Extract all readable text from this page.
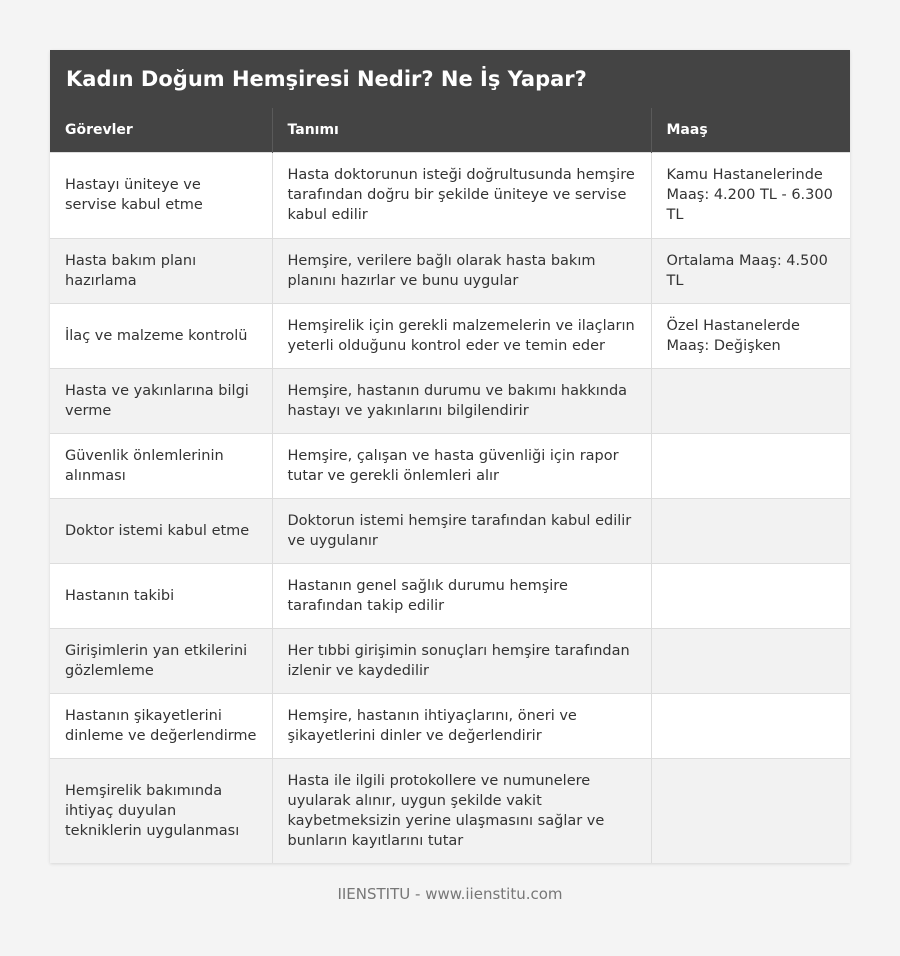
Kadın Doğum Hemşiresi Nedir? Ne İş Yapar?
Görevler	Tanımı	Maaş
Hastayı üniteye ve servise kabul etme	Hasta doktorunun isteği doğrultusunda hemşire tarafından doğru bir şekilde üniteye ve servise kabul edilir	Kamu Hastanelerinde Maaş: 4.200 TL - 6.300 TL
Hasta bakım planı hazırlama	Hemşire, verilere bağlı olarak hasta bakım planını hazırlar ve bunu uygular	Ortalama Maaş: 4.500 TL
İlaç ve malzeme kontrolü	Hemşirelik için gerekli malzemelerin ve ilaçların yeterli olduğunu kontrol eder ve temin eder	Özel Hastanelerde Maaş: Değişken
Hasta ve yakınlarına bilgi verme	Hemşire, hastanın durumu ve bakımı hakkında hastayı ve yakınlarını bilgilendirir	
Güvenlik önlemlerinin alınması	Hemşire, çalışan ve hasta güvenliği için rapor tutar ve gerekli önlemleri alır	
Doktor istemi kabul etme	Doktorun istemi hemşire tarafından kabul edilir ve uygulanır	
Hastanın takibi	Hastanın genel sağlık durumu hemşire tarafından takip edilir	
Girişimlerin yan etkilerini gözlemleme	Her tıbbi girişimin sonuçları hemşire tarafından izlenir ve kaydedilir	
Hastanın şikayetlerini dinleme ve değerlendirme	Hemşire, hastanın ihtiyaçlarını, öneri ve şikayetlerini dinler ve değerlendirir	
Hemşirelik bakımında ihtiyaç duyulan tekniklerin uygulanması	Hasta ile ilgili protokollere ve numunelere uyularak alınır, uygun şekilde vakit kaybetmeksizin yerine ulaşmasını sağlar ve bunların kayıtlarını tutar	
IIENSTITU - www.iienstitu.com
